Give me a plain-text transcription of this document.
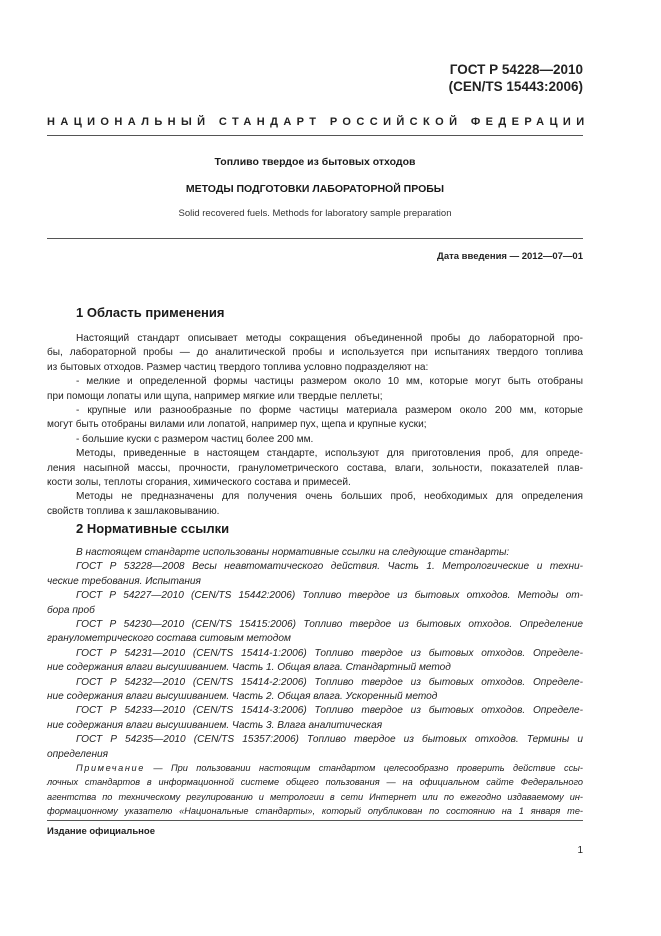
ГОСТ Р 54228—2010
(CEN/TS 15443:2006)
НАЦИОНАЛЬНЫЙ СТАНДАРТ РОССИЙСКОЙ ФЕДЕРАЦИИ
Топливо твердое из бытовых отходов
МЕТОДЫ ПОДГОТОВКИ ЛАБОРАТОРНОЙ ПРОБЫ
Solid recovered fuels. Methods for laboratory sample preparation
Дата введения — 2012—07—01
1 Область применения

Настоящий стандарт описывает методы сокращения объединенной пробы до лабораторной про-

бы, лабораторной пробы — до аналитической пробы и используется при испытаниях твердого топлива

из бытовых отходов. Размер частиц твердого топлива условно подразделяют на:

- мелкие и определенной формы частицы размером около 10 мм, которые могут быть отобраны

при помощи лопаты или щупа, например мягкие или твердые пеллеты;

- крупные или разнообразные по форме частицы материала размером около 200 мм, которые

могут быть отобраны вилами или лопатой, например пух, щепа и крупные куски;

- большие куски с размером частиц более 200 мм.

Методы, приведенные в настоящем стандарте, используют для приготовления проб, для опреде-

ления насыпной массы, прочности, гранулометрического состава, влаги, зольности, показателей плав-

кости золы, теплоты сгорания, химического состава и примесей.

Методы не предназначены для получения очень больших проб, необходимых для определения

свойств топлива к зашлаковыванию.

2 Нормативные ссылки

В настоящем стандарте использованы нормативные ссылки на следующие стандарты:

ГОСТ Р 53228—2008 Весы неавтоматического действия. Часть 1. Метрологические и техни-

ческие требования. Испытания

ГОСТ Р 54227—2010 (CEN/TS 15442:2006) Топливо твердое из бытовых отходов. Методы от-

бора проб

ГОСТ Р 54230—2010 (CEN/TS 15415:2006) Топливо твердое из бытовых отходов. Определение

гранулометрического состава ситовым методом

ГОСТ Р 54231—2010 (CEN/TS 15414-1:2006) Топливо твердое из бытовых отходов. Определе-

ние содержания влаги высушиванием. Часть 1. Общая влага. Стандартный метод

ГОСТ Р 54232—2010 (CEN/TS 15414-2:2006) Топливо твердое из бытовых отходов. Определе-

ние содержания влаги высушиванием. Часть 2. Общая влага. Ускоренный метод

ГОСТ Р 54233—2010 (CEN/TS 15414-3:2006) Топливо твердое из бытовых отходов. Определе-

ние содержания влаги высушиванием. Часть 3. Влага аналитическая

ГОСТ Р 54235—2010 (CEN/TS 15357:2006) Топливо твердое из бытовых отходов. Термины и

определения

Примечание — При пользовании настоящим стандартом целесообразно проверить действие ссы-

лочных стандартов в информационной системе общего пользования — на официальном сайте Федерального

агентства по техническому регулированию и метрологии в сети Интернет или по ежегодно издаваемому ин-

формационному указателю «Национальные стандарты», который опубликован по состоянию на 1 января те-

Издание официальное
1
